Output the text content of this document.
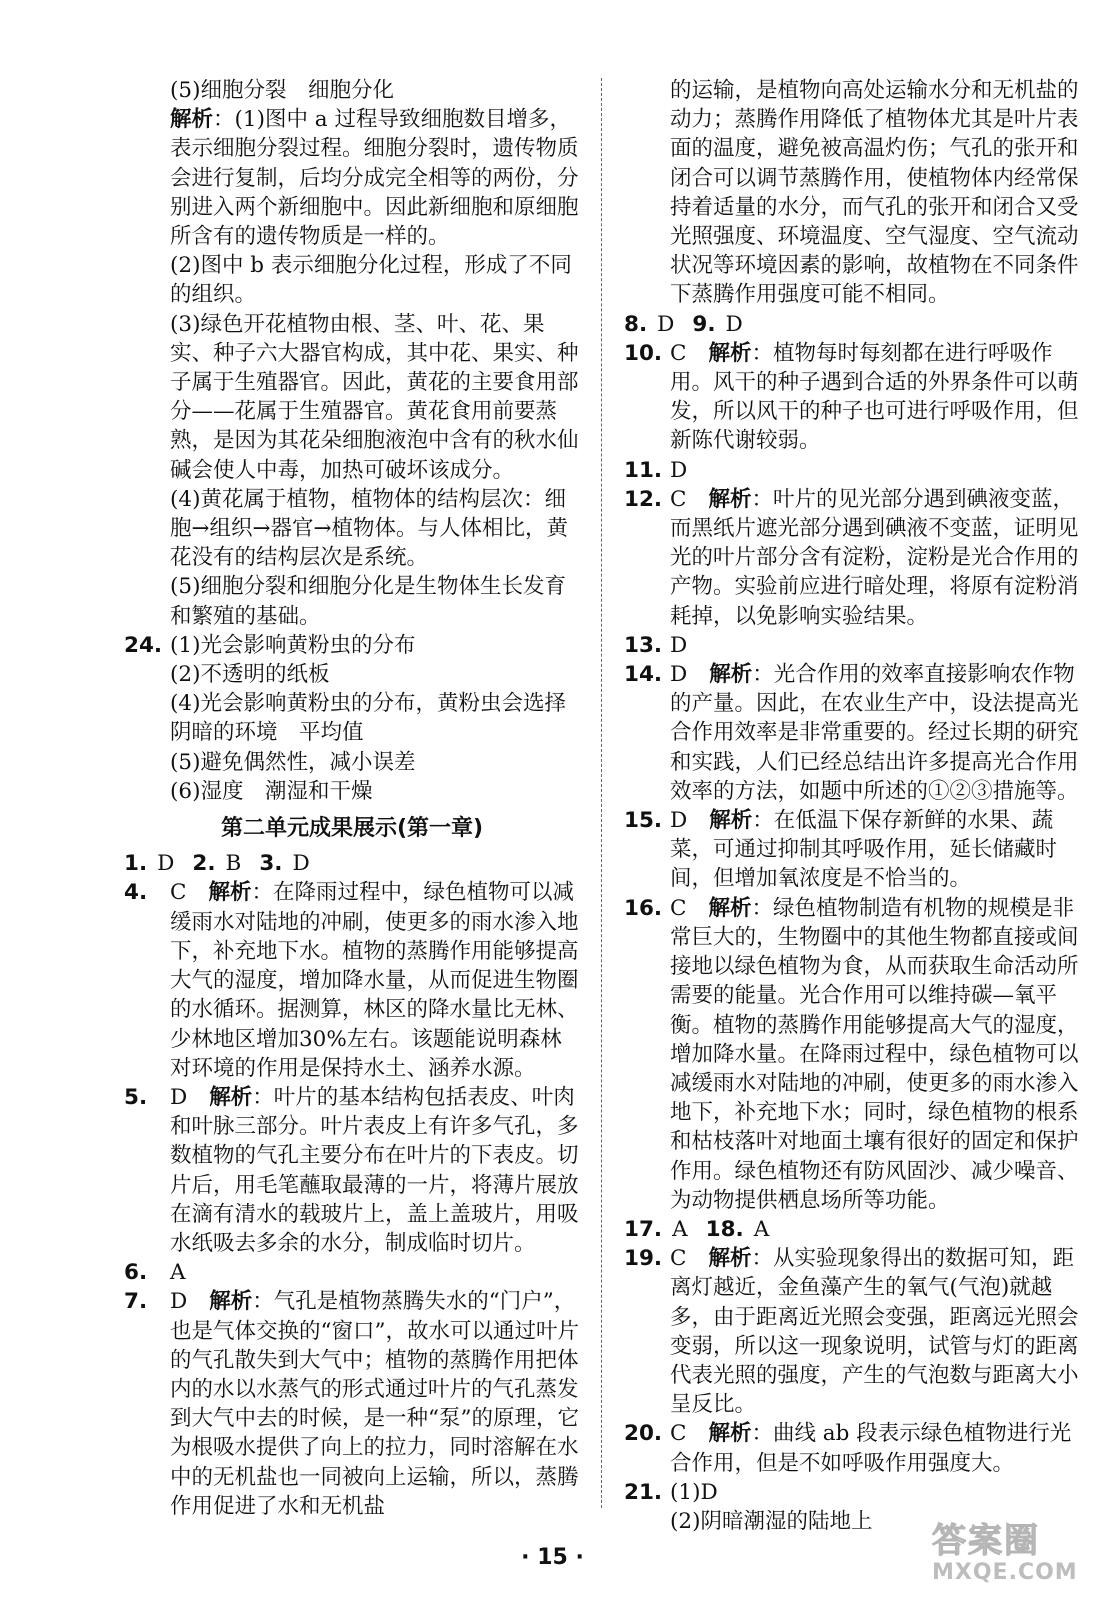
(5)细胞分裂　细胞分化

解析：(1)图中 a 过程导致细胞数目增多，表示细胞分裂过程。细胞分裂时，遗传物质会进行复制，后均分成完全相等的两份，分别进入两个新细胞中。因此新细胞和原细胞所含有的遗传物质是一样的。

(2)图中 b 表示细胞分化过程，形成了不同的组织。

(3)绿色开花植物由根、茎、叶、花、果实、种子六大器官构成，其中花、果实、种子属于生殖器官。因此，黄花的主要食用部分——花属于生殖器官。黄花食用前要蒸熟，是因为其花朵细胞液泡中含有的秋水仙碱会使人中毒，加热可破坏该成分。

(4)黄花属于植物，植物体的结构层次：细胞→组织→器官→植物体。与人体相比，黄花没有的结构层次是系统。

(5)细胞分裂和细胞分化是生物体生长发育和繁殖的基础。

24. (1)光会影响黄粉虫的分布

(2)不透明的纸板

(4)光会影响黄粉虫的分布，黄粉虫会选择阴暗的环境　平均值

(5)避免偶然性，减小误差

(6)湿度　潮湿和干燥

第二单元成果展示(第一章)

1. D 2. B 3. D

4. C 解析：在降雨过程中，绿色植物可以减缓雨水对陆地的冲刷，使更多的雨水渗入地下，补充地下水。植物的蒸腾作用能够提高大气的湿度，增加降水量，从而促进生物圈的水循环。据测算，林区的降水量比无林、少林地区增加30%左右。该题能说明森林对环境的作用是保持水土、涵养水源。

5. D 解析：叶片的基本结构包括表皮、叶肉和叶脉三部分。叶片表皮上有许多气孔，多数植物的气孔主要分布在叶片的下表皮。切片后，用毛笔蘸取最薄的一片，将薄片展放在滴有清水的载玻片上，盖上盖玻片，用吸水纸吸去多余的水分，制成临时切片。

6. A

7. D 解析：气孔是植物蒸腾失水的“门户”，也是气体交换的“窗口”，故水可以通过叶片的气孔散失到大气中；植物的蒸腾作用把体内的水以水蒸气的形式通过叶片的气孔蒸发到大气中去的时候，是一种“泵”的原理，它为根吸水提供了向上的拉力，同时溶解在水中的无机盐也一同被向上运输，所以，蒸腾作用促进了水和无机盐

的运输，是植物向高处运输水分和无机盐的动力；蒸腾作用降低了植物体尤其是叶片表面的温度，避免被高温灼伤；气孔的张开和闭合可以调节蒸腾作用，使植物体内经常保持着适量的水分，而气孔的张开和闭合又受光照强度、环境温度、空气湿度、空气流动状况等环境因素的影响，故植物在不同条件下蒸腾作用强度可能不相同。

8. D 9. D

10. C 解析：植物每时每刻都在进行呼吸作用。风干的种子遇到合适的外界条件可以萌发，所以风干的种子也可进行呼吸作用，但新陈代谢较弱。

11. D

12. C 解析：叶片的见光部分遇到碘液变蓝，而黑纸片遮光部分遇到碘液不变蓝，证明见光的叶片部分含有淀粉，淀粉是光合作用的产物。实验前应进行暗处理，将原有淀粉消耗掉，以免影响实验结果。

13. D

14. D 解析：光合作用的效率直接影响农作物的产量。因此，在农业生产中，设法提高光合作用效率是非常重要的。经过长期的研究和实践，人们已经总结出许多提高光合作用效率的方法，如题中所述的①②③措施等。

15. D 解析：在低温下保存新鲜的水果、蔬菜，可通过抑制其呼吸作用，延长储藏时间，但增加氧浓度是不恰当的。

16. C 解析：绿色植物制造有机物的规模是非常巨大的，生物圈中的其他生物都直接或间接地以绿色植物为食，从而获取生命活动所需要的能量。光合作用可以维持碳—氧平衡。植物的蒸腾作用能够提高大气的湿度，增加降水量。在降雨过程中，绿色植物可以减缓雨水对陆地的冲刷，使更多的雨水渗入地下，补充地下水；同时，绿色植物的根系和枯枝落叶对地面土壤有很好的固定和保护作用。绿色植物还有防风固沙、减少噪音、为动物提供栖息场所等功能。

17. A 18. A

19. C 解析：从实验现象得出的数据可知，距离灯越近，金鱼藻产生的氧气(气泡)就越多，由于距离近光照会变强，距离远光照会变弱，所以这一现象说明，试管与灯的距离代表光照的强度，产生的气泡数与距离大小呈反比。

20. C 解析：曲线 ab 段表示绿色植物进行光合作用，但是不如呼吸作用强度大。

21. (1)D

(2)阴暗潮湿的陆地上

· 15 ·	答案圈
MXQE.COM
